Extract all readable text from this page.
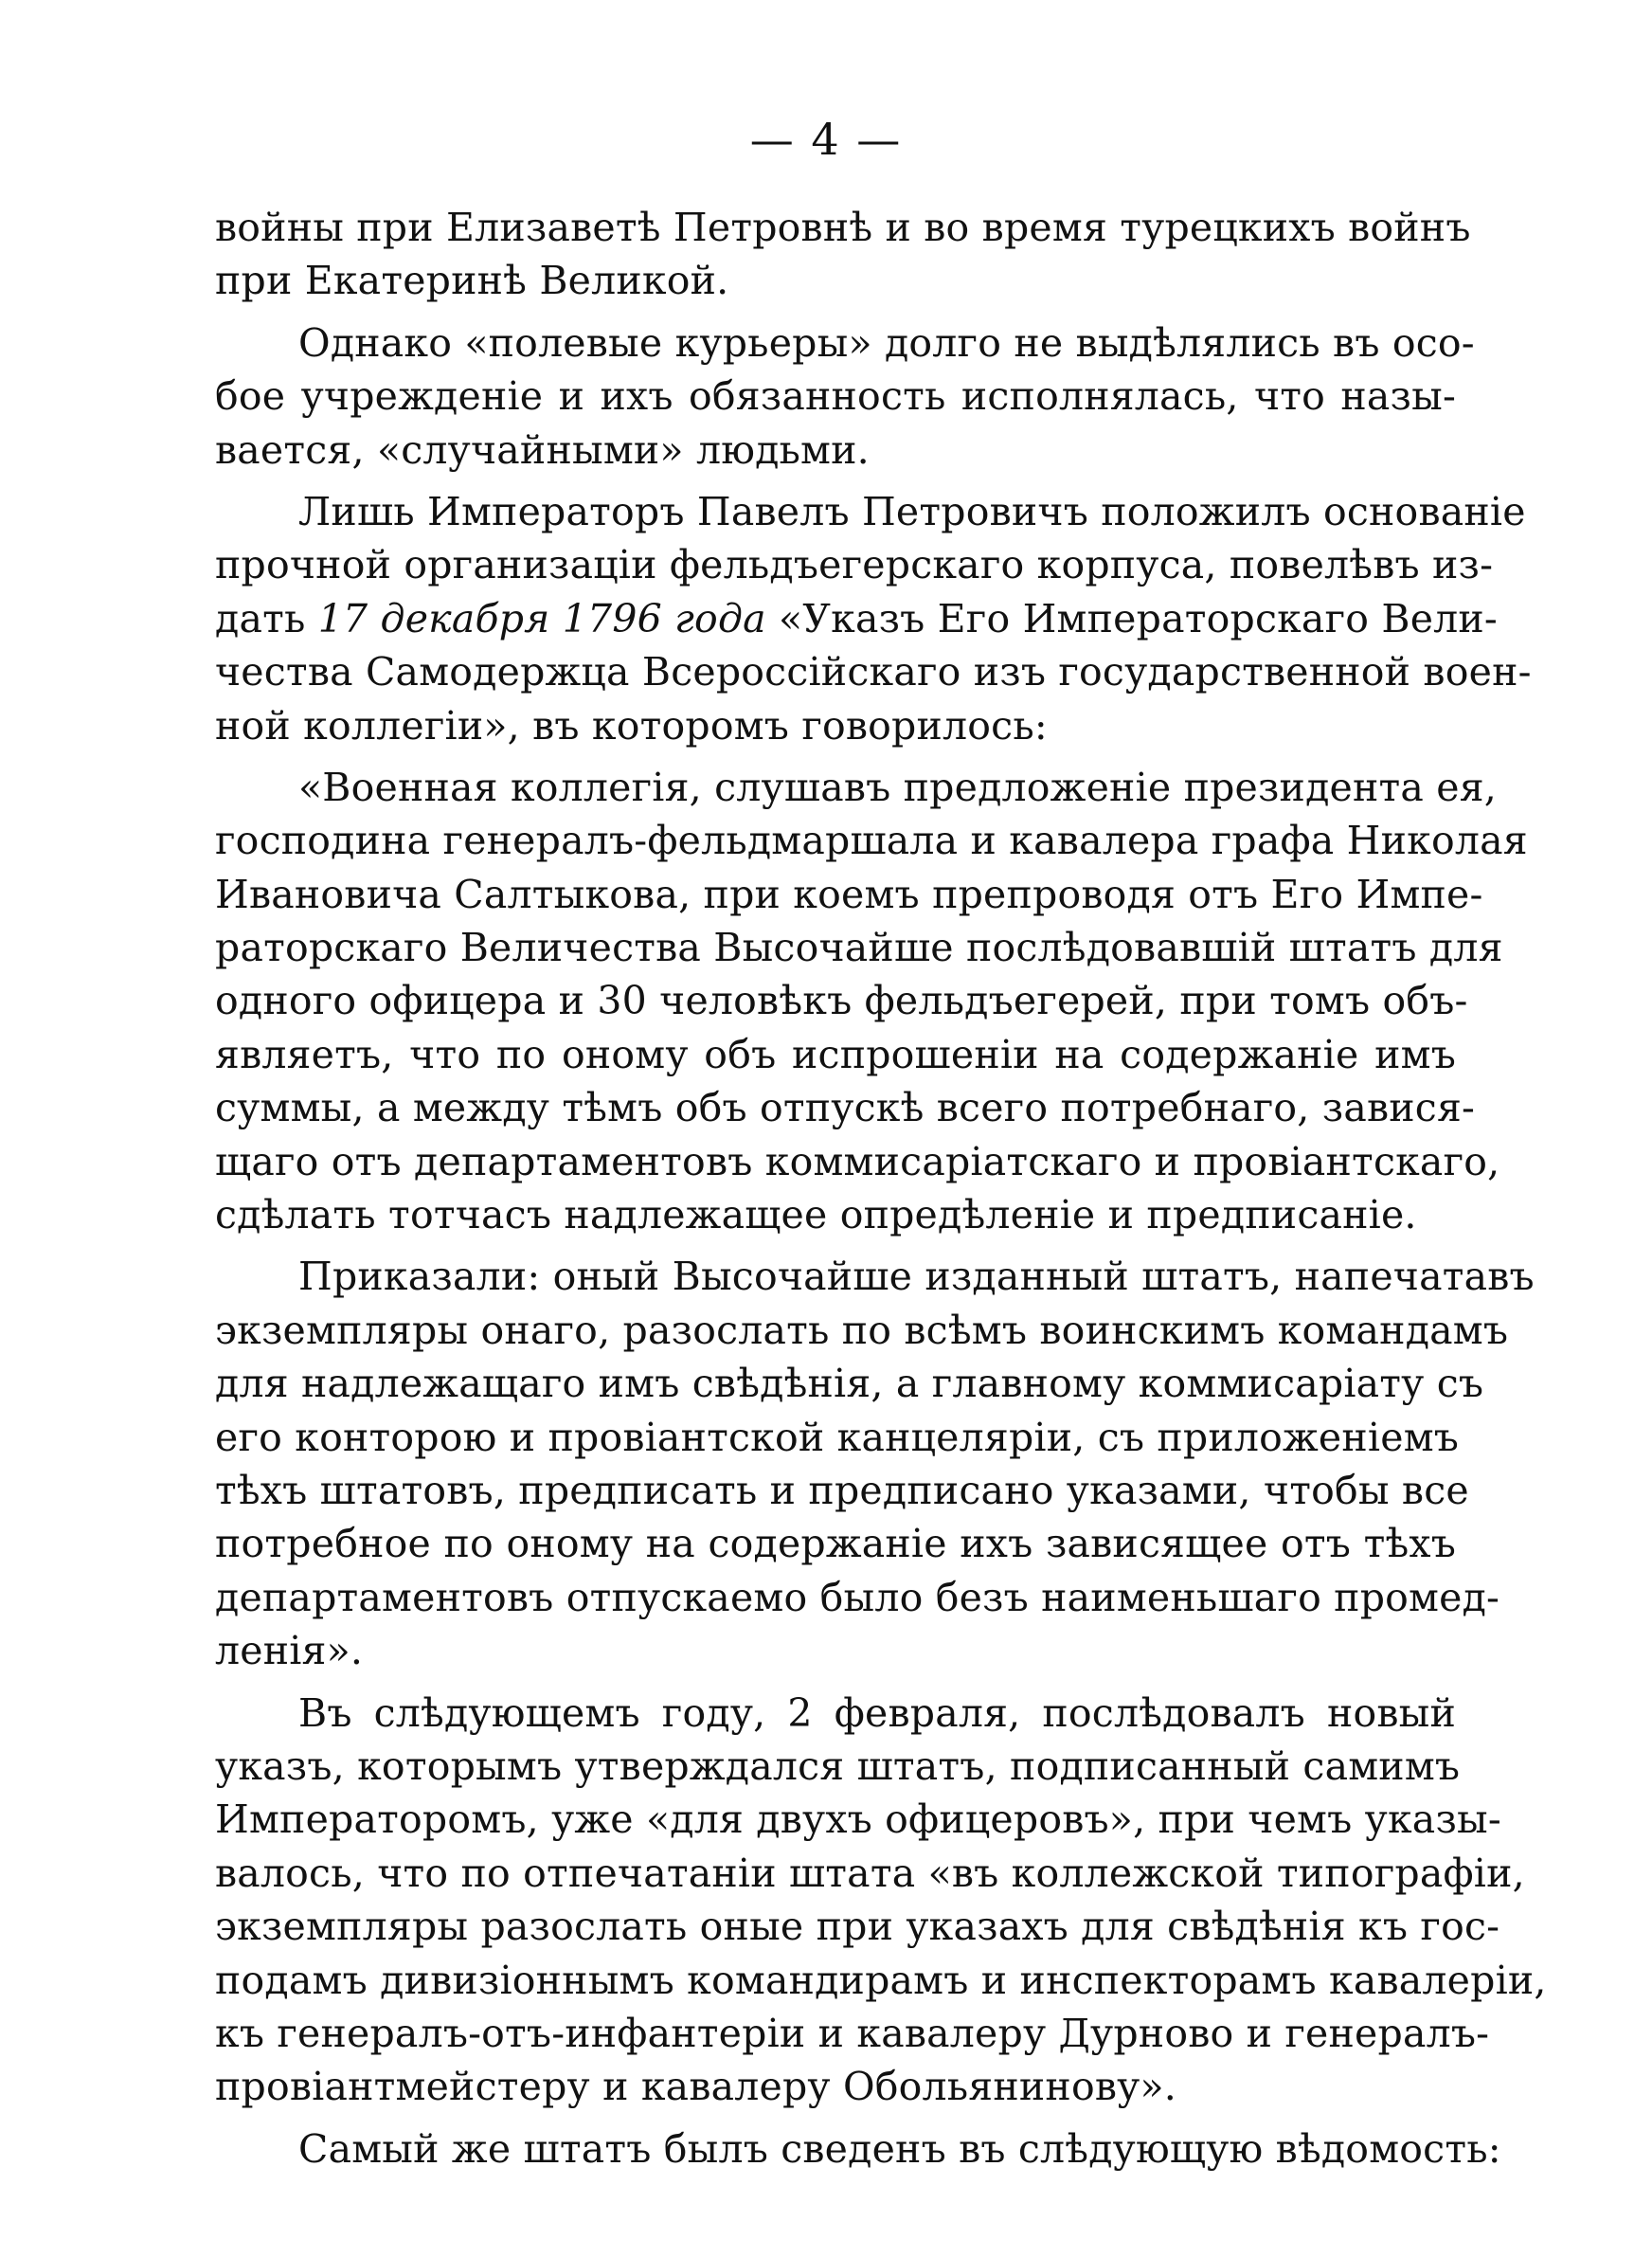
— 4 —
войны при Елизаветѣ Петровнѣ и во время турецкихъ войнъ
при Екатеринѣ Великой.
Однако «полевые курьеры» долго не выдѣлялись въ осо-
бое учрежденіе и ихъ обязанность исполнялась, что назы-
вается, «случайными» людьми.
Лишь Императоръ Павелъ Петровичъ положилъ основаніе
прочной организаціи фельдъегерскаго корпуса, повелѣвъ из-
дать 17 декабря 1796 года «Указъ Его Императорскаго Вели-
чества Самодержца Всероссійскаго изъ государственной воен-
ной коллегіи», въ которомъ говорилось:
«Военная коллегія, слушавъ предложеніе президента ея,
господина генералъ-фельдмаршала и кавалера графа Николая
Ивановича Салтыкова, при коемъ препроводя отъ Его Импе-
раторскаго Величества Высочайше послѣдовавшій штатъ для
одного офицера и 30 человѣкъ фельдъегерей, при томъ объ-
являетъ, что по оному объ испрошеніи на содержаніе имъ
суммы, а между тѣмъ объ отпускѣ всего потребнаго, завися-
щаго отъ департаментовъ коммисаріатскаго и провіантскаго,
сдѣлать тотчасъ надлежащее опредѣленіе и предписаніе.
Приказали: оный Высочайше изданный штатъ, напечатавъ
экземпляры онаго, разослать по всѣмъ воинскимъ командамъ
для надлежащаго имъ свѣдѣнія, а главному коммисаріату съ
его конторою и провіантской канцеляріи, съ приложеніемъ
тѣхъ штатовъ, предписать и предписано указами, чтобы все
потребное по оному на содержаніе ихъ зависящее отъ тѣхъ
департаментовъ отпускаемо было безъ наименьшаго промед-
ленія».
Въ слѣдующемъ году, 2 февраля, послѣдовалъ новый
указъ, которымъ утверждался штатъ, подписанный самимъ
Императоромъ, уже «для двухъ офицеровъ», при чемъ указы-
валось, что по отпечатаніи штата «въ коллежской типографіи,
экземпляры разослать оные при указахъ для свѣдѣнія къ гос-
подамъ дивизіоннымъ командирамъ и инспекторамъ кавалеріи,
къ генералъ-отъ-инфантеріи и кавалеру Дурново и генералъ-
провіантмейстеру и кавалеру Обольянинову».
Самый же штатъ былъ сведенъ въ слѣдующую вѣдомость:
